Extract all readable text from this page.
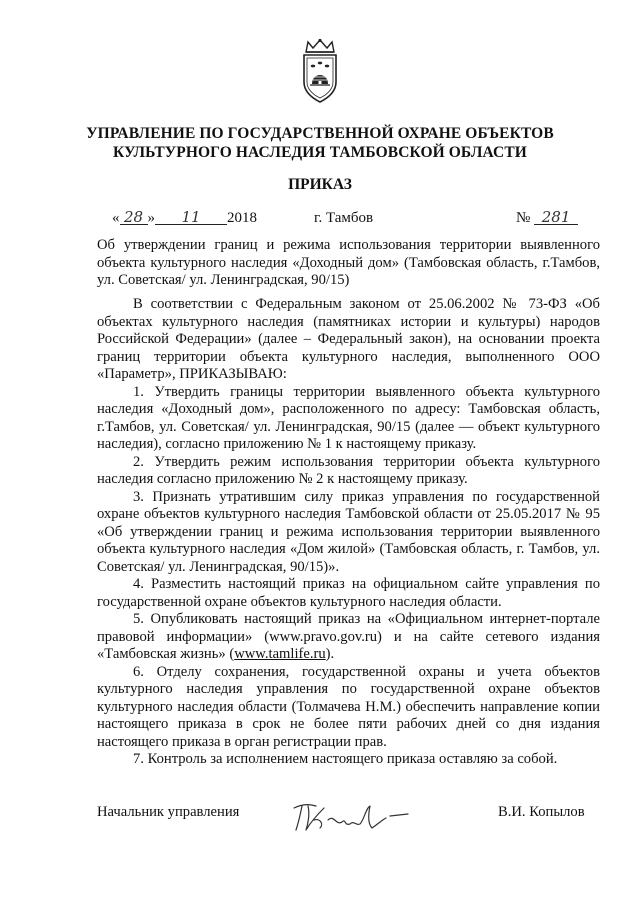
УПРАВЛЕНИЕ ПО ГОСУДАРСТВЕННОЙ ОХРАНЕ ОБЪЕКТОВ
КУЛЬТУРНОГО НАСЛЕДИЯ ТАМБОВСКОЙ ОБЛАСТИ
ПРИКАЗ
« 28 » 11 2018	г. Тамбов	№ 281
Об утверждении границ и режима использования территории выявленного объекта культурного наследия «Доходный дом» (Тамбовская область, г.Тамбов, ул. Советская/ ул. Ленинградская, 90/15)

В соответствии с Федеральным законом от 25.06.2002 № 73-ФЗ «Об объектах культурного наследия (памятниках истории и культуры) народов Российской Федерации» (далее – Федеральный закон), на основании проекта границ территории объекта культурного наследия, выполненного ООО «Параметр», ПРИКАЗЫВАЮ:

1. Утвердить границы территории выявленного объекта культурного наследия «Доходный дом», расположенного по адресу: Тамбовская область, г.Тамбов, ул. Советская/ ул. Ленинградская, 90/15 (далее — объект культурного наследия), согласно приложению № 1 к настоящему приказу.

2. Утвердить режим использования территории объекта культурного наследия согласно приложению № 2 к настоящему приказу.

3. Признать утратившим силу приказ управления по государственной охране объектов культурного наследия Тамбовской области от 25.05.2017 № 95 «Об утверждении границ и режима использования территории выявленного объекта культурного наследия «Дом жилой» (Тамбовская область, г. Тамбов, ул. Советская/ ул. Ленинградская, 90/15)».

4. Разместить настоящий приказ на официальном сайте управления по государственной охране объектов культурного наследия области.

5. Опубликовать настоящий приказ на «Официальном интернет-портале правовой информации» (www.pravo.gov.ru) и на сайте сетевого издания «Тамбовская жизнь» (www.tamlife.ru).

6. Отделу сохранения, государственной охраны и учета объектов культурного наследия управления по государственной охране объектов культурного наследия области (Толмачева Н.М.) обеспечить направление копии настоящего приказа в срок не более пяти рабочих дней со дня издания настоящего приказа в орган регистрации прав.

7. Контроль за исполнением настоящего приказа оставляю за собой.

Начальник управления	В.И. Копылов
